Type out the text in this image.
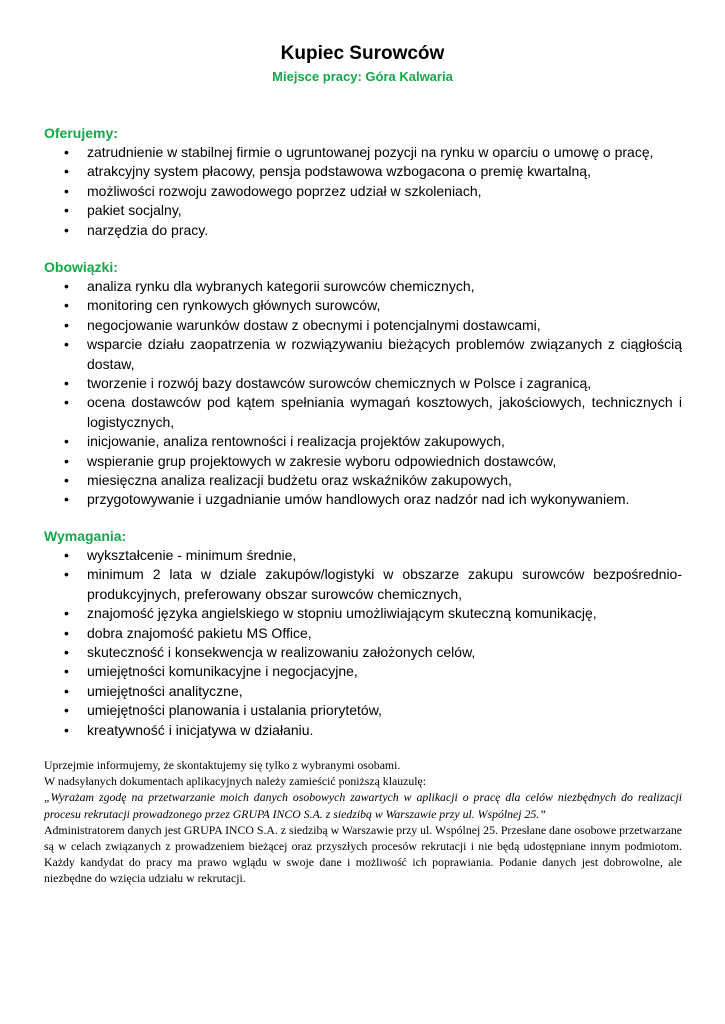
Kupiec Surowców
Miejsce pracy: Góra Kalwaria

Oferujemy:

• zatrudnienie w stabilnej firmie o ugruntowanej pozycji na rynku w oparciu o umowę o pracę,
• atrakcyjny system płacowy, pensja podstawowa wzbogacona o premię kwartalną,
• możliwości rozwoju zawodowego poprzez udział w szkoleniach,
• pakiet socjalny,
• narzędzia do pracy.

Obowiązki:

• analiza rynku dla wybranych kategorii surowców chemicznych,
• monitoring cen rynkowych głównych surowców,
• negocjowanie warunków dostaw z obecnymi i potencjalnymi dostawcami,
• wsparcie działu zaopatrzenia w rozwiązywaniu bieżących problemów związanych z ciągłością dostaw,
• tworzenie i rozwój bazy dostawców surowców chemicznych w Polsce i zagranicą,
• ocena dostawców pod kątem spełniania wymagań kosztowych, jakościowych, technicznych i logistycznych,
• inicjowanie, analiza rentowności i realizacja projektów zakupowych,
• wspieranie grup projektowych w zakresie wyboru odpowiednich dostawców,
• miesięczna analiza realizacji budżetu oraz wskaźników zakupowych,
• przygotowywanie i uzgadnianie umów handlowych oraz nadzór nad ich wykonywaniem.

Wymagania:

• wykształcenie - minimum średnie,
• minimum 2 lata w dziale zakupów/logistyki w obszarze zakupu surowców bezpośrednio-produkcyjnych, preferowany obszar surowców chemicznych,
• znajomość języka angielskiego w stopniu umożliwiającym skuteczną komunikację,
• dobra znajomość pakietu MS Office,
• skuteczność i konsekwencja w realizowaniu założonych celów,
• umiejętności komunikacyjne i negocjacyjne,
• umiejętności analityczne,
• umiejętności planowania i ustalania priorytetów,
• kreatywność i inicjatywa w działaniu.

Uprzejmie informujemy, że skontaktujemy się tylko z wybranymi osobami.

W nadsyłanych dokumentach aplikacyjnych należy zamieścić poniższą klauzulę:

„Wyrażam zgodę na przetwarzanie moich danych osobowych zawartych w aplikacji o pracę dla celów niezbędnych do realizacji procesu rekrutacji prowadzonego przez GRUPA INCO S.A. z siedzibą w Warszawie przy ul. Wspólnej 25.”

Administratorem danych jest GRUPA INCO S.A. z siedzibą w Warszawie przy ul. Wspólnej 25. Przesłane dane osobowe przetwarzane są w celach związanych z prowadzeniem bieżącej oraz przyszłych procesów rekrutacji i nie będą udostępniane innym podmiotom. Każdy kandydat do pracy ma prawo wglądu w swoje dane i możliwość ich poprawiania. Podanie danych jest dobrowolne, ale niezbędne do wzięcia udziału w rekrutacji.
